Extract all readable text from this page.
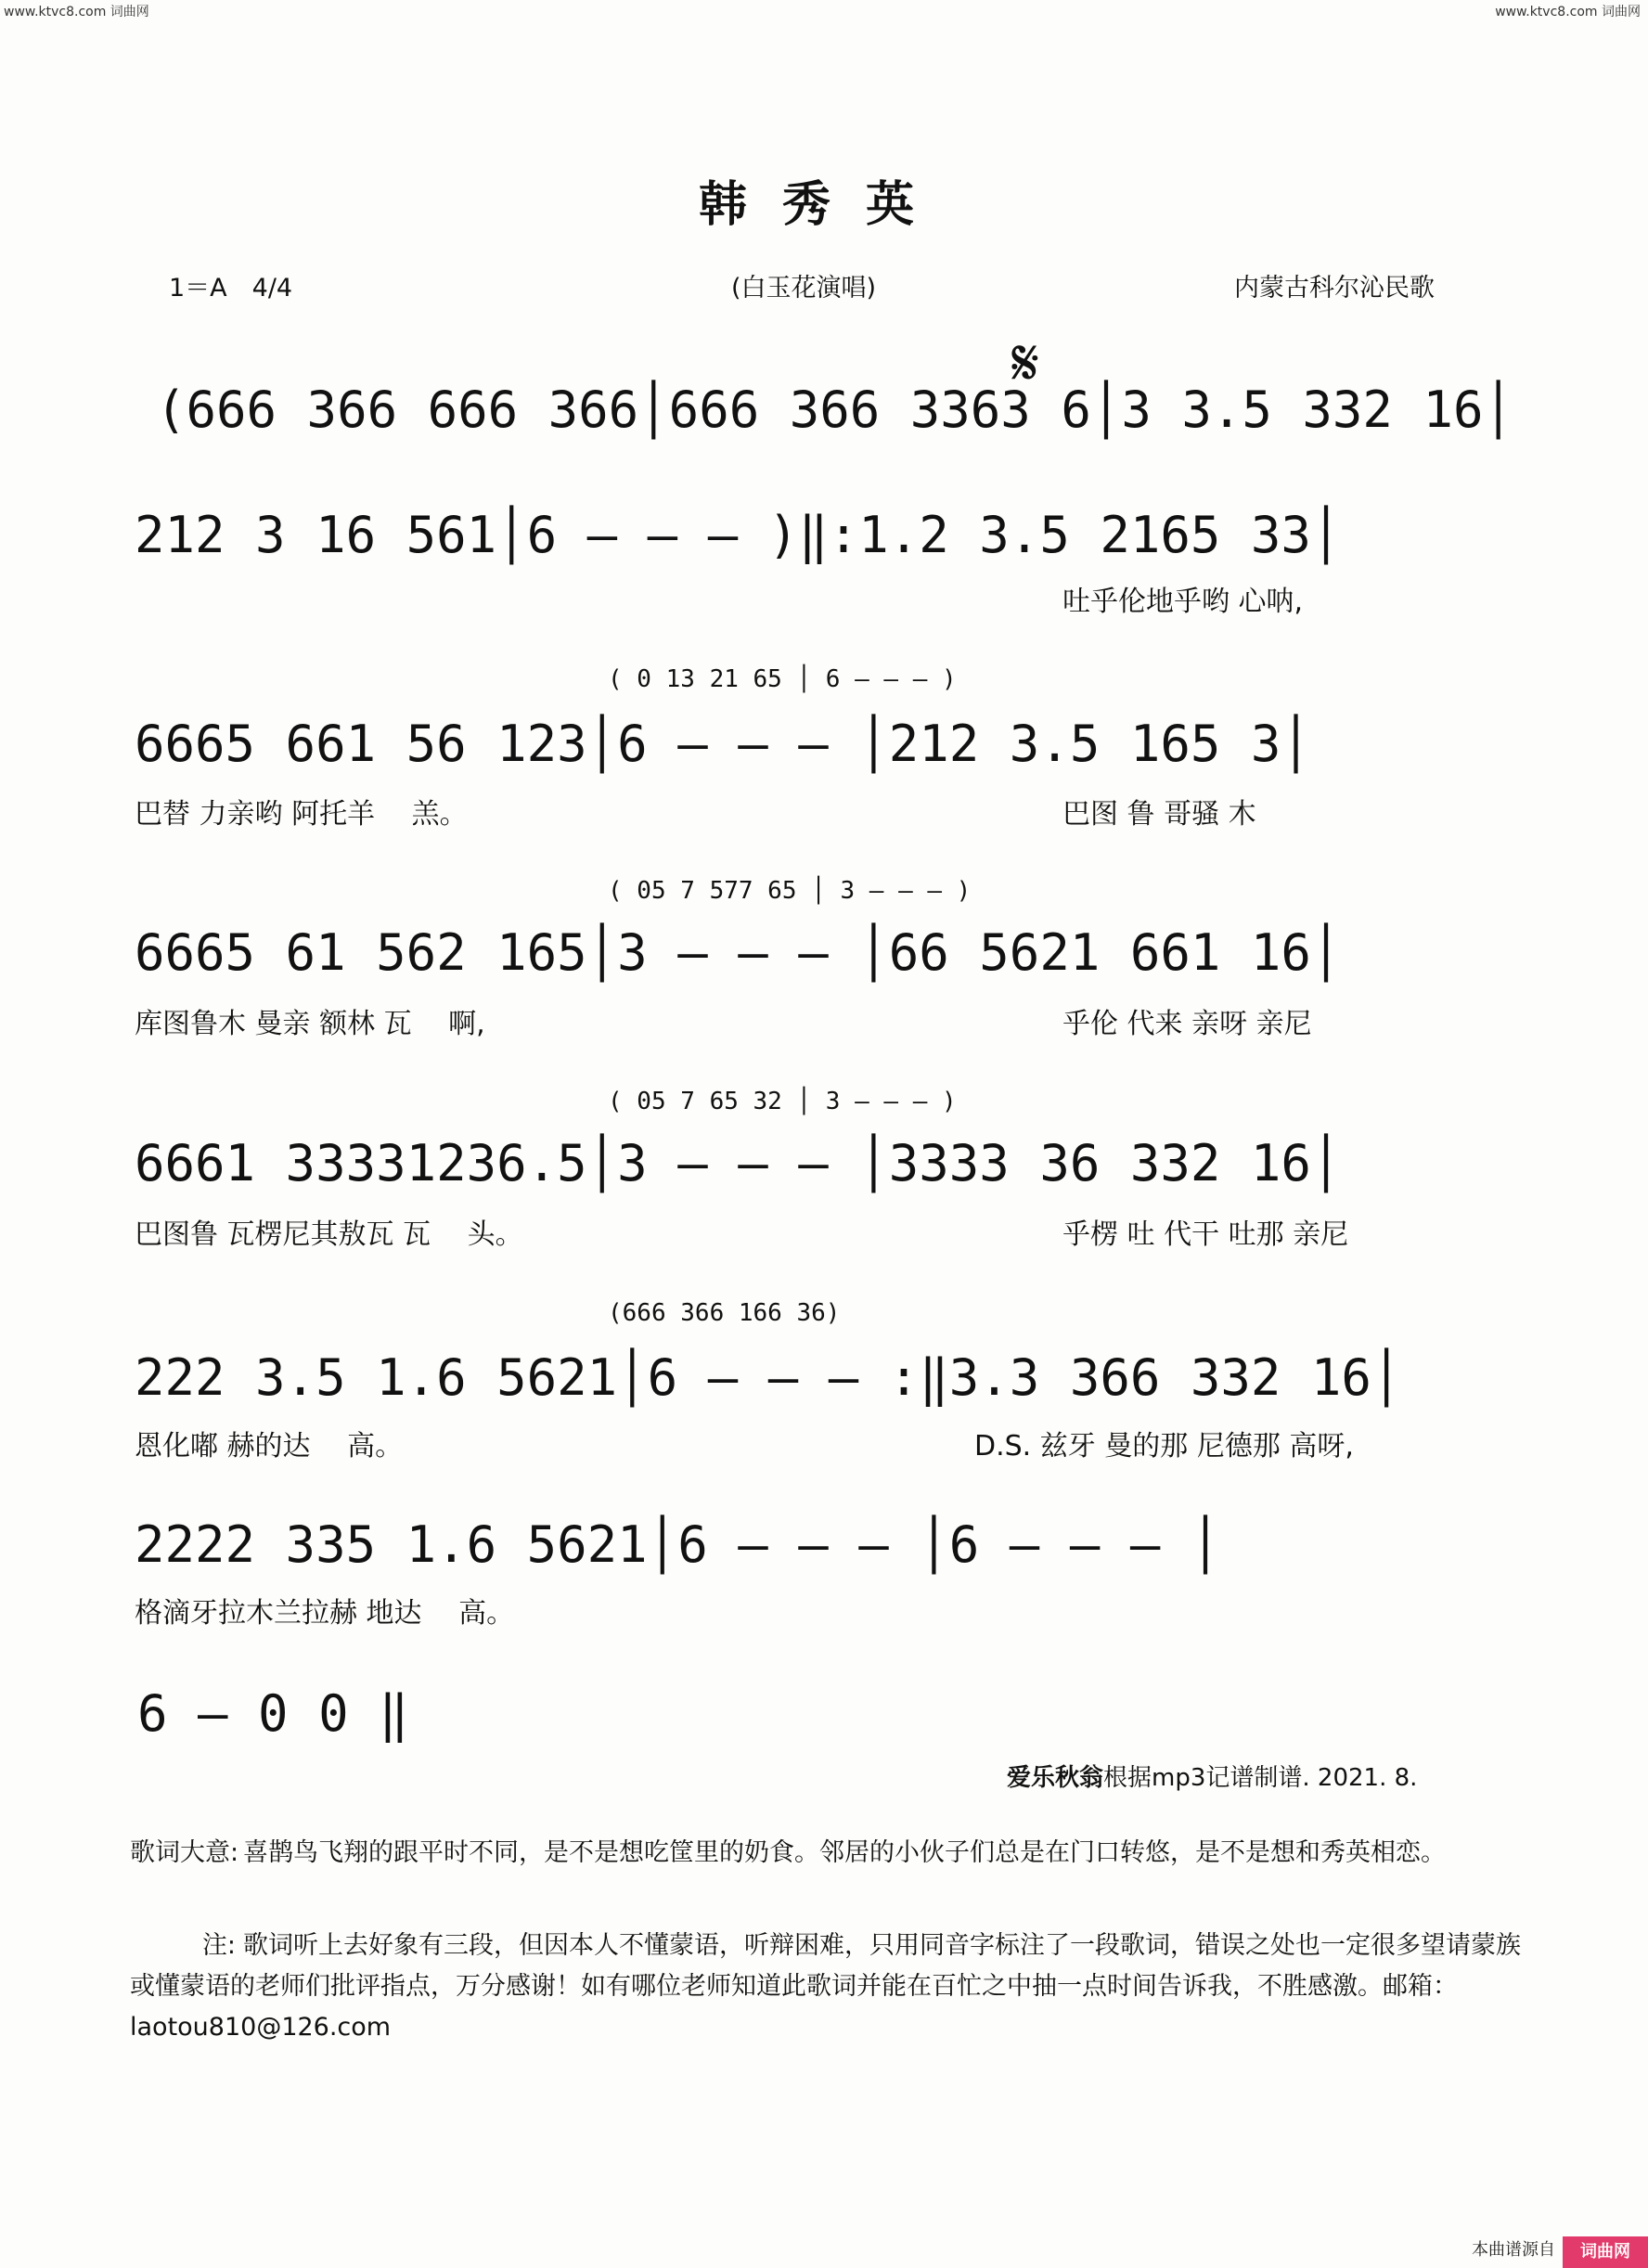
www.ktvc8.com 词曲网	www.ktvc8.com 词曲网
韩秀英
1＝A　4/4	(白玉花演唱)	内蒙古科尔沁民歌
𝄋
(666 366 666 366│666 366 3363 6│3 3.5 332 16│
212 3 16 561│6 — — — )‖:1.2 3.5 2165 33│
吐乎伦地乎哟 心呐,
( 0 13 21 65 │ 6 — — — )
6665 661 56 123│6 — — — │212 3.5 165 3│
巴替 力亲哟 阿托羊 　羔。	巴图 鲁 哥骚 木
( 05 7 577 65 │ 3 — — — )
6665 61 562 165│3 — — — │66 5621 661 16│
库图鲁木 曼亲 额林 瓦 　啊,	乎伦 代来 亲呀 亲尼
( 05 7 65 32 │ 3 — — — )
6661 33331236.5│3 — — — │3333 36 332 16│
巴图鲁 瓦楞尼其敖瓦 瓦 　头。	乎楞 吐 代干 吐那 亲尼
(666 366 166 36)
222 3.5 1.6 5621│6 — — — :‖3.3 366 332 16│
恩化嘟 赫的达 　高。	D.S. 兹牙 曼的那 尼德那 高呀,
2222 335 1.6 5621│6 — — — │6 — — — │
格滴牙拉木兰拉赫 地达 　高。
6 — 0 0 ‖
爱乐秋翁根据mp3记谱制谱. 2021. 8.
歌词大意: 喜鹊鸟飞翔的跟平时不同，是不是想吃筐里的奶食。邻居的小伙子们总是在门口转悠，是不是想和秀英相恋。
注: 歌词听上去好象有三段，但因本人不懂蒙语，听辩困难，只用同音字标注了一段歌词，错误之处也一定很多望请蒙族或懂蒙语的老师们批评指点，万分感谢！如有哪位老师知道此歌词并能在百忙之中抽一点时间告诉我，不胜感激。邮箱：laotou810@126.com
本曲谱源自	词曲网
